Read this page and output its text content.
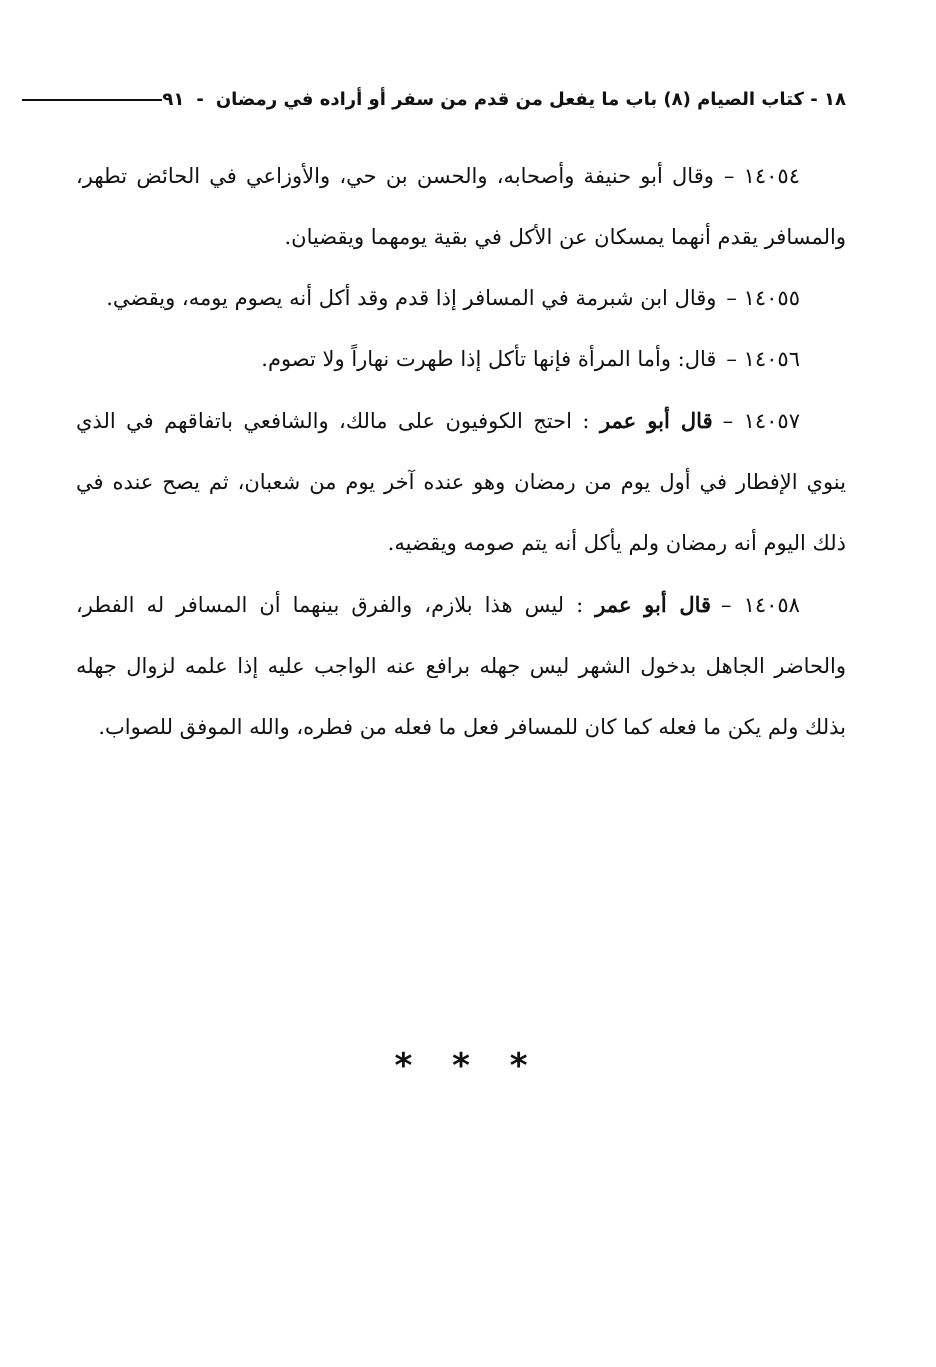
١٨ - كتاب الصيام (٨) باب ما يفعل من قدم من سفر أو أراده في رمضان
-
٩١

١٤٠٥٤ –وقال أبو حنيفة وأصحابه، والحسن بن حي، والأوزاعي في الحائض تطهر، والمسافر يقدم أنهما يمسكان عن الأكل في بقية يومهما ويقضيان.

١٤٠٥٥ –وقال ابن شبرمة في المسافر إذا قدم وقد أكل أنه يصوم يومه، ويقضي.

١٤٠٥٦ –قال: وأما المرأة فإنها تأكل إذا طهرت نهاراً ولا تصوم.

١٤٠٥٧ –قال أبو عمر : احتج الكوفيون على مالك، والشافعي باتفاقهم في الذي ينوي الإفطار في أول يوم من رمضان وهو عنده آخر يوم من شعبان، ثم يصح عنده في ذلك اليوم أنه رمضان ولم يأكل أنه يتم صومه ويقضيه.

١٤٠٥٨ –قال أبو عمر : ليس هذا بلازم، والفرق بينهما أن المسافر له الفطر، والحاضر الجاهل بدخول الشهر ليس جهله برافع عنه الواجب عليه إذا علمه لزوال جهله بذلك ولم يكن ما فعله كما كان للمسافر فعل ما فعله من فطره، والله الموفق للصواب.

* * *
